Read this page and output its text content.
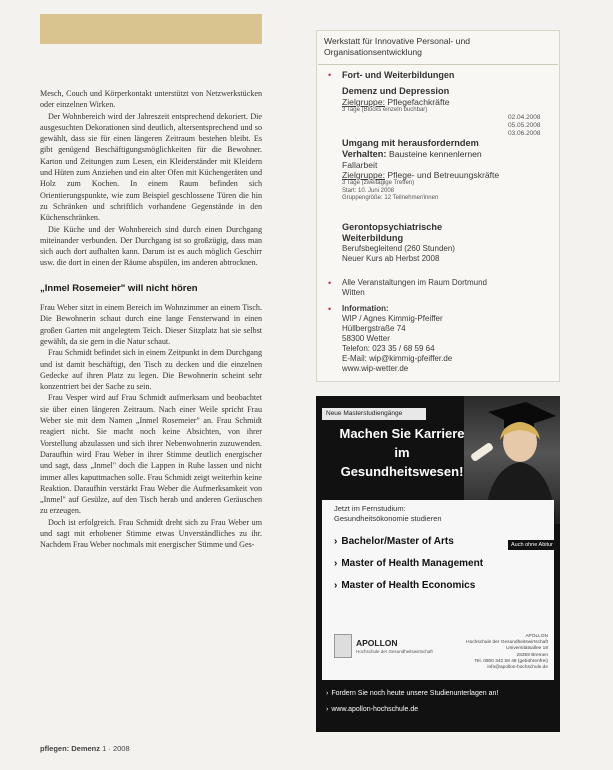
Mesch, Couch und Körperkontakt unterstützt von Netzwerkstücken oder einzelnen Wirken.

Der Wohnbereich wird der Jahreszeit entsprechend dekoriert. Die ausgesuchten Dekorationen sind deutlich, altersentsprechend und so gewählt, dass sie für einen längeren Zeitraum bestehen bleibt. Es gibt genügend Beschäftigungsmöglichkeiten für die Bewohner. Karton und Zeitungen zum Lesen, ein Kleiderständer mit Kleidern und Hüten zum Anziehen und ein alter Ofen mit Küchengeräten und Holz zum Kochen. In einem Raum befinden sich Orientierungspunkte, wie zum Beispiel geschlossene Türen die hin zu Schränken und schriftlich vorhandene Gegenstände in den Küchenschränken.

Die Küche und der Wohnbereich sind durch einen Durchgang miteinander verbunden. Der Durchgang ist so großzügig, dass man sich auch dort aufhalten kann. Darum ist es auch möglich Geschirr usw. die dort in einen der Räume abspülen, im anderen abtrocknen.

„Inmel Rosemeier" will nicht hören

Frau Weber sitzt in einem Bereich im Wohnzimmer an einem Tisch. Die Bewohnerin schaut durch eine lange Fensterwand in einen großen Garten mit angelegtem Teich. Dieser Sitzplatz hat sie selbst gewählt, da sie gern in die Natur schaut.

Frau Schmidt befindet sich in einem Zeitpunkt in dem Durchgang und ist damit beschäftigt, den Tisch zu decken und die einzelnen Gedecke auf ihren Platz zu legen. Die Bewohnerin scheint sehr konzentriert bei der Sache zu sein.

Frau Vesper wird auf Frau Schmidt aufmerksam und beobachtet sie über einen längeren Zeitraum. Nach einer Weile spricht Frau Weber sie mit dem Namen „Inmel Rosemeier" an. Frau Schmidt reagiert nicht. Sie macht noch keine Absichten, von ihrer Vorstellung abzulassen und sich ihrer Nebenwohnerin zuzuwenden. Daraufhin wird Frau Weber in ihrer Stimme deutlich energischer und sagt, dass „Inmel" doch die Lappen in Ruhe lassen und nicht immer alles kaputtmachen solle. Frau Schmidt zeigt weiterhin keine Reaktion. Daraufhin verstärkt Frau Weber die Aufmerksamkeit von „Inmel" auf Gesülze, auf den Tisch herab und anderen Geräuschen zu erzeugen.

Doch ist erfolgreich. Frau Schmidt dreht sich zu Frau Weber um und sagt mit erhobener Stimme etwas Unverständliches zu ihr. Nachdem Frau Weber nochmals mit energischer Stimme und Ges-

pflegen: Demenz 1 · 2008
Werkstatt für Innovative Personal- und
Organisationsentwicklung
• Fort- und Weiterbildungen
Demenz und Depression
Zielgruppe: Pflegefachkräfte
3 Tage (Blocks einzeln buchbar)
02.04.2008
05.05.2008
03.06.2008
Umgang mit herausforderndem
Verhalten: Bausteine kennenlernen
Fallarbeit
Zielgruppe: Pflege- und Betreuungskräfte
3 Tage (zweitägige Treffen)
Start: 10. Juni 2008
Gruppengröße: 12 Teilnehmer/innen
Gerontopsychiatrische
Weiterbildung
Berufsbegleitend (260 Stunden)
Neuer Kurs ab Herbst 2008
• Alle Veranstaltungen im Raum Dortmund
Witten
• Information:
WIP / Agnes Kimmig-Pfeiffer
Hüllbergstraße 74
58300 Wetter
Telefon: 023 35 / 68 59 64
E-Mail: wip@kimmig-pfeiffer.de
www.wip-wetter.de
Neue Masterstudiengänge
Machen Sie Karriere
im
Gesundheitswesen!
Jetzt im Fernstudium:
Gesundheitsökonomie studieren
› Bachelor/Master of Arts	Auch ohne Abitur
› Master of Health Management
› Master of Health Economics
APOLLON
Hochschule der Gesundheitswirtschaft
APOLLON
Hochschule der Gesundheitswirtschaft
Universitätsallee 18
28359 Bremen
Tel. 0800 342 58 48 (gebührenfrei)
info@apollon-hochschule.de
› Fordern Sie noch heute unsere Studienunterlagen an!
› www.apollon-hochschule.de
